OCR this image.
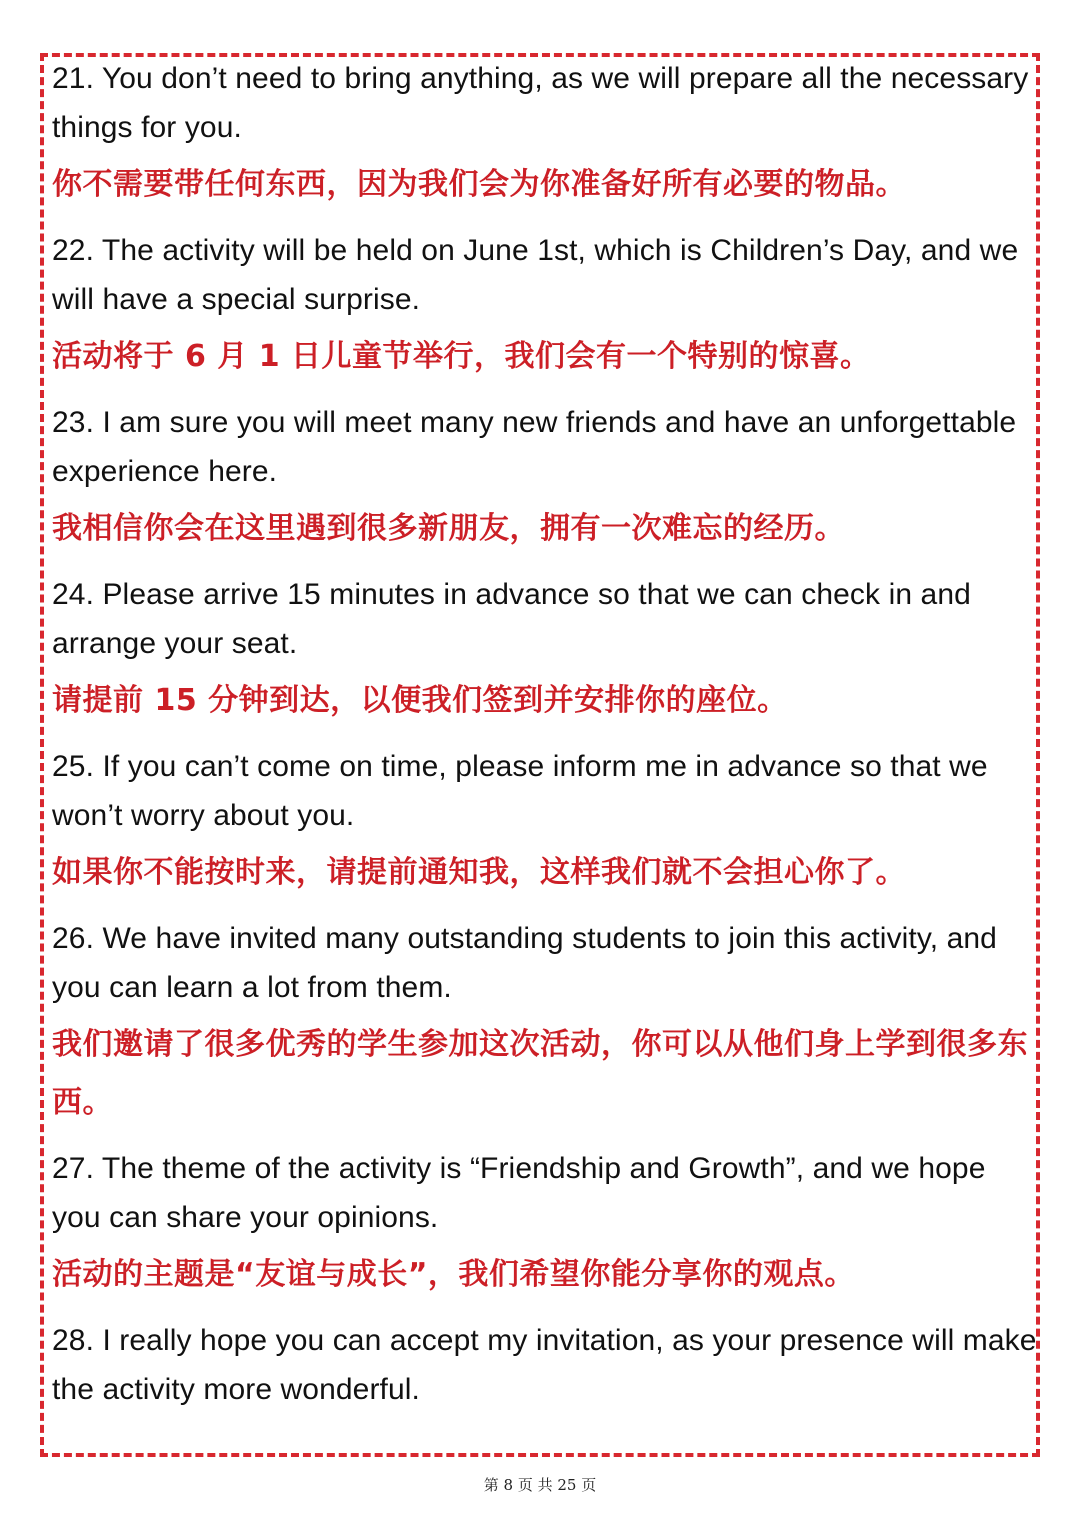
21. You don’t need to bring anything, as we will prepare all the necessary things for you.

你不需要带任何东西，因为我们会为你准备好所有必要的物品。

22. The activity will be held on June 1st, which is Children’s Day, and we will have a special surprise.

活动将于 6 月 1 日儿童节举行，我们会有一个特别的惊喜。

23. I am sure you will meet many new friends and have an unforgettable experience here.

我相信你会在这里遇到很多新朋友，拥有一次难忘的经历。

24. Please arrive 15 minutes in advance so that we can check in and arrange your seat.

请提前 15 分钟到达，以便我们签到并安排你的座位。

25. If you can’t come on time, please inform me in advance so that we won’t worry about you.

如果你不能按时来，请提前通知我，这样我们就不会担心你了。

26. We have invited many outstanding students to join this activity, and you can learn a lot from them.

我们邀请了很多优秀的学生参加这次活动，你可以从他们身上学到很多东西。

27. The theme of the activity is “Friendship and Growth”, and we hope you can share your opinions.

活动的主题是“友谊与成长”，我们希望你能分享你的观点。

28. I really hope you can accept my invitation, as your presence will make the activity more wonderful.

第 8 页 共 25 页
